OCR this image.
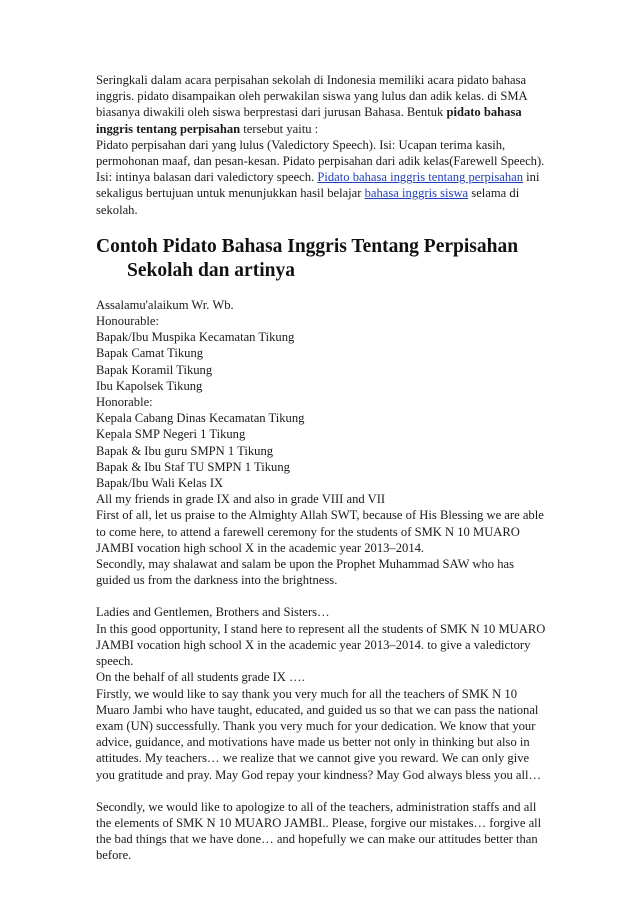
Seringkali dalam acara perpisahan sekolah di Indonesia memiliki acara pidato bahasa inggris. pidato disampaikan oleh perwakilan siswa yang lulus dan adik kelas. di SMA biasanya diwakili oleh siswa berprestasi dari jurusan Bahasa. Bentuk pidato bahasa inggris tentang perpisahan tersebut yaitu :
Pidato perpisahan dari yang lulus (Valedictory Speech). Isi: Ucapan terima kasih, permohonan maaf, dan pesan-kesan. Pidato perpisahan dari adik kelas(Farewell Speech). Isi: intinya balasan dari valedictory speech. Pidato bahasa inggris tentang perpisahan ini sekaligus bertujuan untuk menunjukkan hasil belajar bahasa inggris siswa selama di sekolah.

Contoh Pidato Bahasa Inggris Tentang Perpisahan Sekolah dan artinya
Assalamu'alaikum Wr. Wb.
Honourable:
Bapak/Ibu Muspika Kecamatan Tikung
Bapak Camat Tikung
Bapak Koramil Tikung
Ibu Kapolsek Tikung
Honorable:
Kepala Cabang Dinas Kecamatan Tikung
Kepala SMP Negeri 1 Tikung
Bapak & Ibu guru SMPN 1 Tikung
Bapak & Ibu Staf TU SMPN 1 Tikung
Bapak/Ibu Wali Kelas IX
All my friends in grade IX and also in grade VIII and VII
First of all, let us praise to the Almighty Allah SWT, because of His Blessing we are able to come here, to attend a farewell ceremony for the students of SMK N 10 MUARO JAMBI vocation high school X in the academic year 2013–2014.
Secondly, may shalawat and salam be upon the Prophet Muhammad SAW who has guided us from the darkness into the brightness.
Ladies and Gentlemen, Brothers and Sisters…
In this good opportunity, I stand here to represent all the students of SMK N 10 MUARO JAMBI vocation high school X in the academic year 2013–2014. to give a valedictory speech.
On the behalf of all students grade IX ….
Firstly, we would like to say thank you very much for all the teachers of SMK N 10 Muaro Jambi who have taught, educated, and guided us so that we can pass the national exam (UN) successfully. Thank you very much for your dedication. We know that your advice, guidance, and motivations have made us better not only in thinking but also in attitudes. My teachers… we realize that we cannot give you reward. We can only give you gratitude and pray. May God repay your kindness? May God always bless you all…
Secondly, we would like to apologize to all of the teachers, administration staffs and all the elements of SMK N 10 MUARO JAMBI.. Please, forgive our mistakes… forgive all the bad things that we have done… and hopefully we can make our attitudes better than before.
